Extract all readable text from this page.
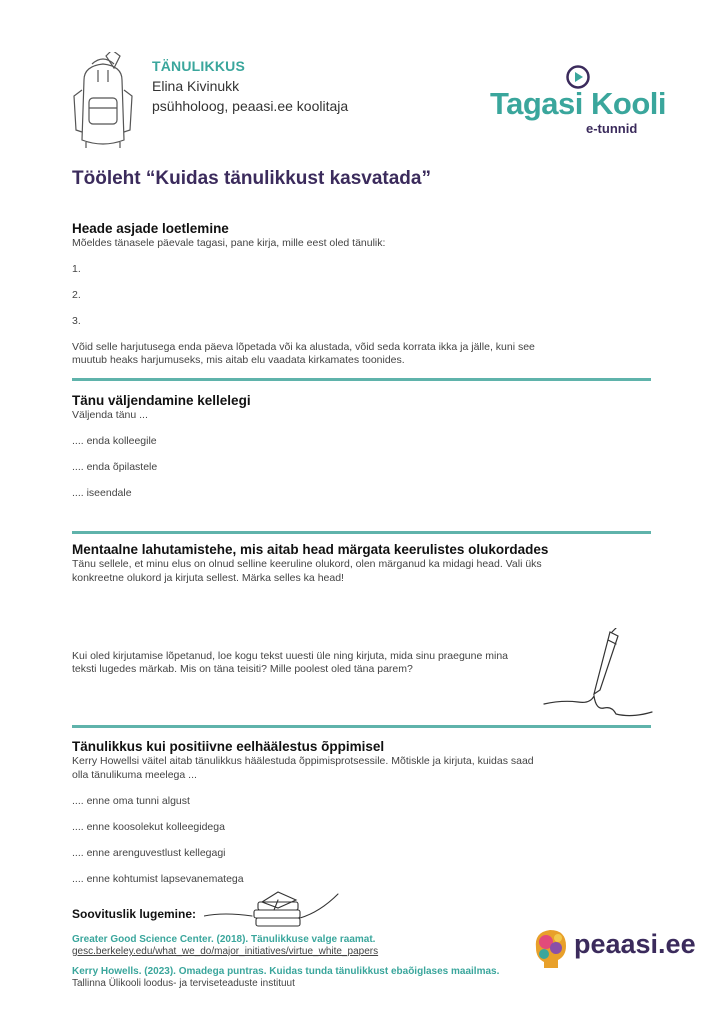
TÄNULIKKUS
Elina Kivinukk
psühholoog, peaasi.ee koolitaja	Tagasi Kooli
e-tunnid
Tööleht “Kuidas tänulikkust kasvatada”
Heade asjade loetlemine
Mõeldes tänasele päevale tagasi, pane kirja, mille eest oled tänulik:
1.
2.
3.
Võid selle harjutusega enda päeva lõpetada või ka alustada, võid seda korrata ikka ja jälle, kuni see
muutub heaks harjumuseks, mis aitab elu vaadata kirkamates toonides.
Tänu väljendamine kellelegi
Väljenda tänu ...
.... enda kolleegile
.... enda õpilastele
.... iseendale
Mentaalne lahutamistehe, mis aitab head märgata keerulistes olukordades
Tänu sellele, et minu elus on olnud selline keeruline olukord, olen märganud ka midagi head. Vali üks
konkreetne olukord ja kirjuta sellest. Märka selles ka head!
Kui oled kirjutamise lõpetanud, loe kogu tekst uuesti üle ning kirjuta, mida sinu praegune mina
teksti lugedes märkab. Mis on täna teisiti? Mille poolest oled täna parem?
Tänulikkus kui positiivne eelhäälestus õppimisel
Kerry Howellsi väitel aitab tänulikkus häälestuda õppimisprotsessile. Mõtiskle ja kirjuta, kuidas saad
olla tänulikuma meelega ...
.... enne oma tunni algust
.... enne koosolekut kolleegidega
.... enne arenguvestlust kellegagi
.... enne kohtumist lapsevanematega
Soovituslik lugemine:
Greater Good Science Center. (2018). Tänulikkuse valge raamat.
gesc.berkeley.edu/what_we_do/major_initiatives/virtue_white_papers
Kerry Howells. (2023). Omadega puntras. Kuidas tunda tänulikkust ebaõiglases maailmas.
Tallinna Ülikooli loodus- ja terviseteaduste instituut
peaasi.ee
